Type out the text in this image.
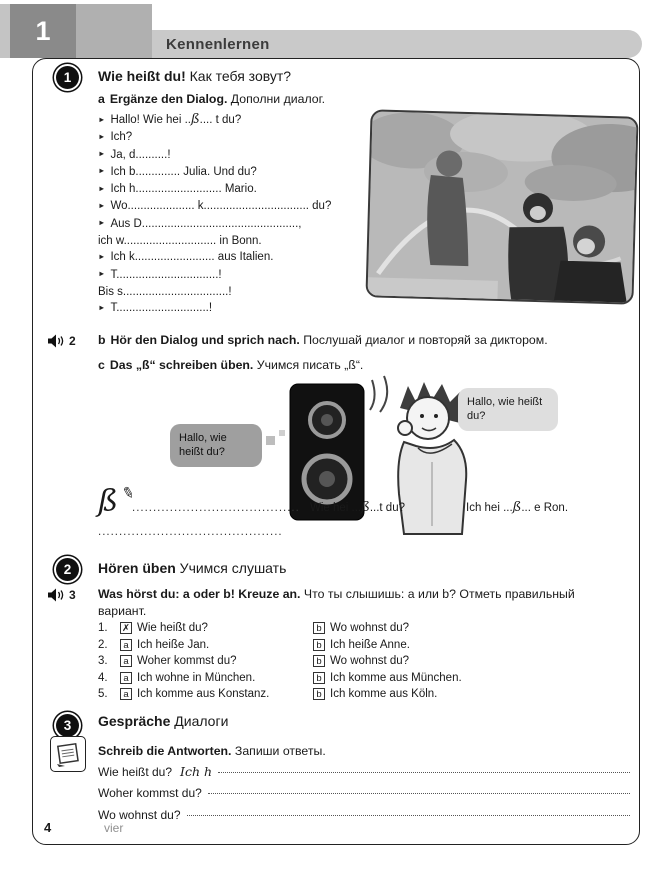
1	Kennenlernen
1 Wie heißt du! Как тебя зовут?
a Ergänze den Dialog. Дополни диалог.
► Hallo! Wie hei ..ß.... t du?
► Ich?
► Ja, d..........!
► Ich b.............. Julia. Und du?
► Ich h........................... Mario.
► Wo..................... k................................. du?
► Aus D.................................................,
ich w............................. in Bonn.
► Ich k......................... aus Italien.
► T................................!
Bis s.................................!
► T.............................!
2 b Hör den Dialog und sprich nach. Послушай диалог и повторяй за диктором.
c Das „ß“ schreiben üben. Учимся писать „ß“.
Hallo, wie heißt du?
Hallo, wie heißt du?
ß ✎
........................................ Wie hei ...ß...t du?	Ich hei ...ß... e Ron.
............................................
2 Hören üben Учимся слушать
3 Was hörst du: a oder b! Kreuze an. Что ты слышишь: а или b? Отметь правильный вариант.
1.	✗ Wie heißt du?	b Wo wohnst du?
2.	a Ich heiße Jan.	b Ich heiße Anne.
3.	a Woher kommst du?	b Wo wohnst du?
4.	a Ich wohne in München.	b Ich komme aus München.
5.	a Ich komme aus Konstanz.	b Ich komme aus Köln.
3 Gespräche Диалоги
Schreib die Antworten. Запиши ответы.
Wie heißt du? Ich h
Woher kommst du?
Wo wohnst du?
4	vier
